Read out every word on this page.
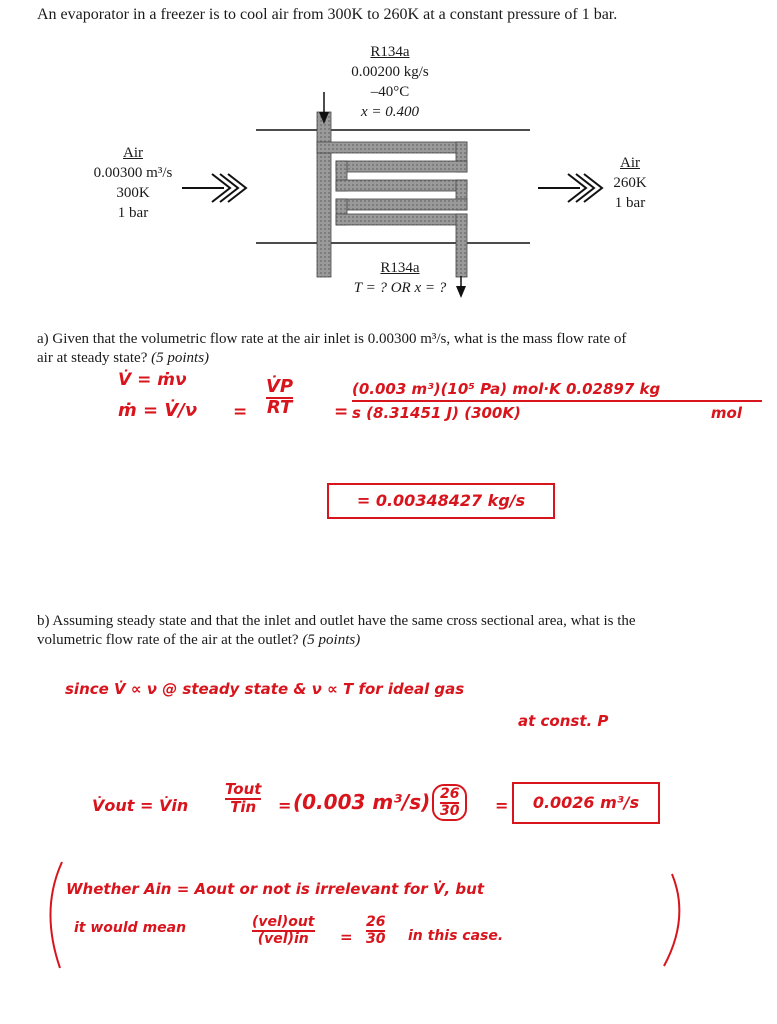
An evaporator in a freezer is to cool air from 300K to 260K at a constant pressure of 1 bar.
R134a
0.00200 kg/s
–40°C
x = 0.400
Air
0.00300 m³/s
300K
1 bar
Air
260K
1 bar
R134a
T = ? OR x = ?
a) Given that the volumetric flow rate at the air inlet is 0.00300 m³/s, what is the mass flow rate of
air at steady state? (5 points)
V̇ = ṁν
ṁ = V̇/ν = $\frac{V̇P}{RT}$ =
(0.003 m³)(10⁵ Pa) mol·K 0.02897 kg
s (8.31451 J) (300K)	mol
= 0.00348427 kg/s
b) Assuming steady state and that the inlet and outlet have the same cross sectional area, what is the
volumetric flow rate of the air at the outlet? (5 points)
since V̇ ∝ ν @ steady state & ν ∝ T for ideal gas
at const. P
V̇out = V̇in $\frac{\text{Tout}}{\text{Tin}} = (0.003$ $m^3/s) \frac{26}{30}$ =	0.0026 m³/s
Whether Ain = Aout or not is irrelevant for V̇, but
it would mean	$\frac{\text{(vel)out}}{\text{(vel)in}} = \frac{26}{30}$ in this case.
